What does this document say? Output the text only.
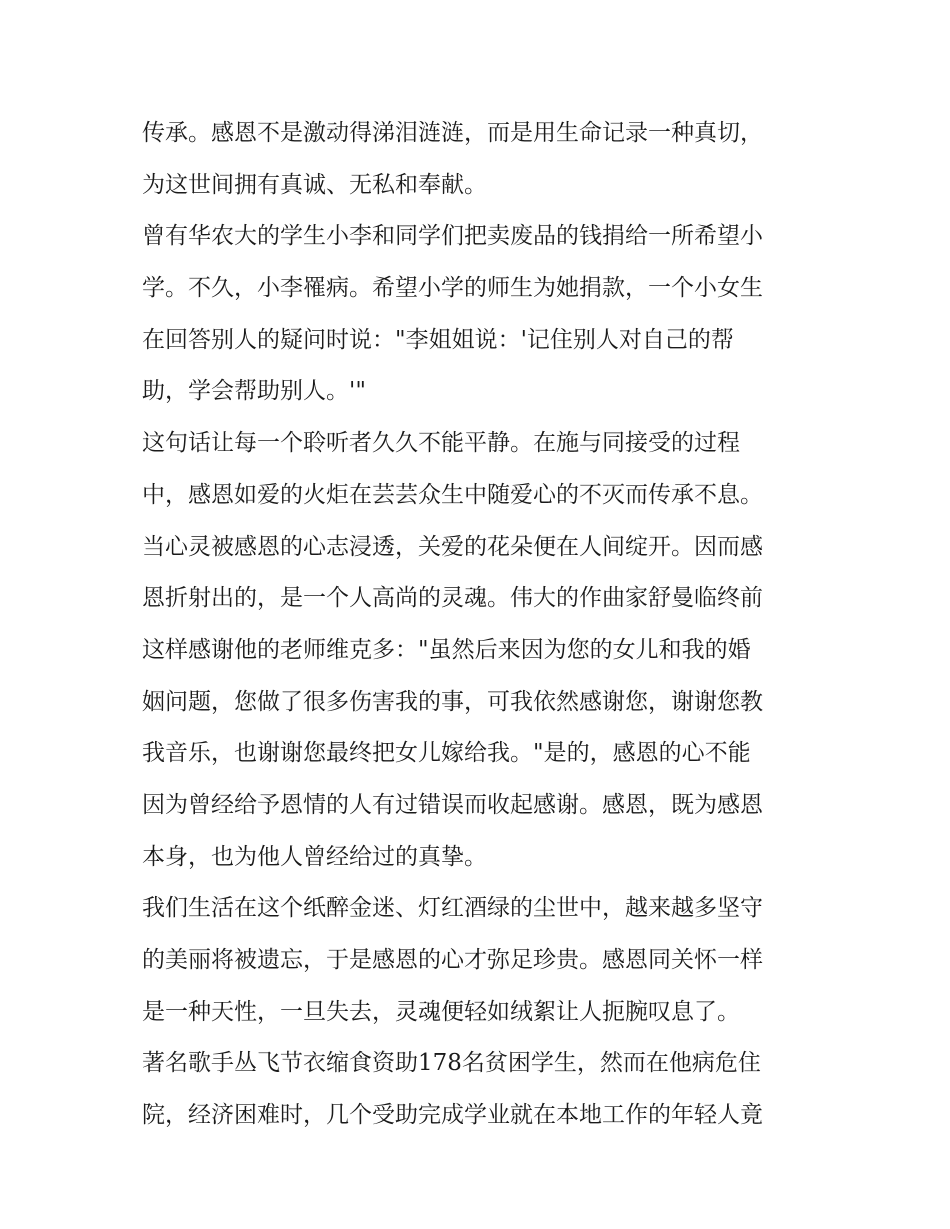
传承。感恩不是激动得涕泪涟涟，而是用生命记录一种真切，
为这世间拥有真诚、无私和奉献。
曾有华农大的学生小李和同学们把卖废品的钱捐给一所希望小
学。不久，小李罹病。希望小学的师生为她捐款，一个小女生
在回答别人的疑问时说："李姐姐说：'记住别人对自己的帮
助，学会帮助别人。'"
这句话让每一个聆听者久久不能平静。在施与同接受的过程
中，感恩如爱的火炬在芸芸众生中随爱心的不灭而传承不息。
当心灵被感恩的心志浸透，关爱的花朵便在人间绽开。因而感
恩折射出的，是一个人高尚的灵魂。伟大的作曲家舒曼临终前
这样感谢他的老师维克多："虽然后来因为您的女儿和我的婚
姻问题，您做了很多伤害我的事，可我依然感谢您，谢谢您教
我音乐，也谢谢您最终把女儿嫁给我。"是的，感恩的心不能
因为曾经给予恩情的人有过错误而收起感谢。感恩，既为感恩
本身，也为他人曾经给过的真挚。
我们生活在这个纸醉金迷、灯红酒绿的尘世中，越来越多坚守
的美丽将被遗忘，于是感恩的心才弥足珍贵。感恩同关怀一样
是一种天性，一旦失去，灵魂便轻如绒絮让人扼腕叹息了。
著名歌手丛飞节衣缩食资助178名贫困学生，然而在他病危住
院，经济困难时，几个受助完成学业就在本地工作的年轻人竟
